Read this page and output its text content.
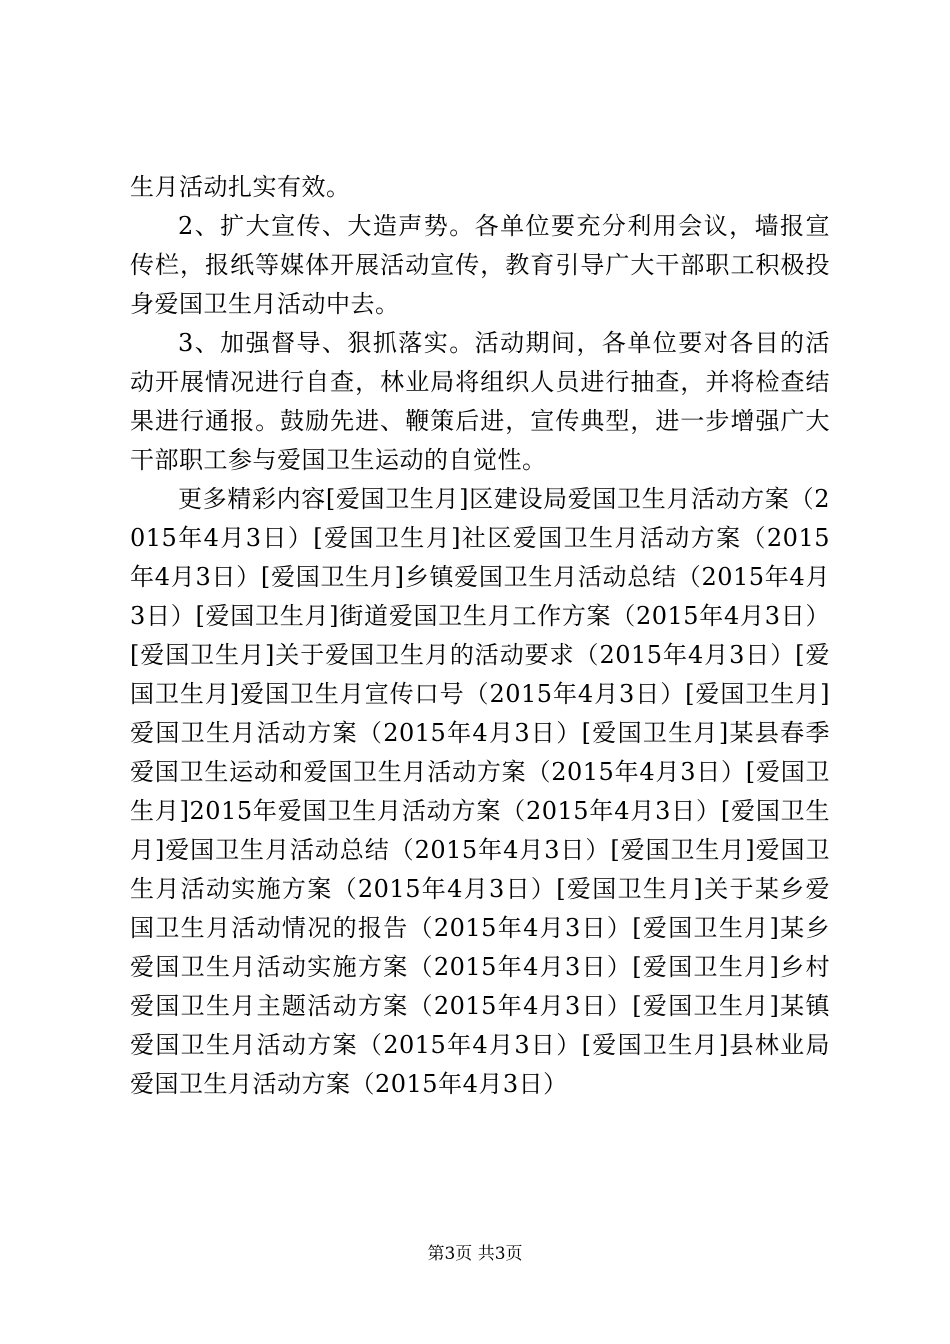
生月活动扎实有效。

2、扩大宣传、大造声势。各单位要充分利用会议，墙报宣传栏，报纸等媒体开展活动宣传，教育引导广大干部职工积极投身爱国卫生月活动中去。

3、加强督导、狠抓落实。活动期间，各单位要对各目的活动开展情况进行自查，林业局将组织人员进行抽查，并将检查结果进行通报。鼓励先进、鞭策后进，宣传典型，进一步增强广大干部职工参与爱国卫生运动的自觉性。

更多精彩内容[爱国卫生月]区建设局爱国卫生月活动方案（2015年4月3日）[爱国卫生月]社区爱国卫生月活动方案（2015年4月3日）[爱国卫生月]乡镇爱国卫生月活动总结（2015年4月3日）[爱国卫生月]街道爱国卫生月工作方案（2015年4月3日）[爱国卫生月]关于爱国卫生月的活动要求（2015年4月3日）[爱国卫生月]爱国卫生月宣传口号（2015年4月3日）[爱国卫生月]爱国卫生月活动方案（2015年4月3日）[爱国卫生月]某县春季爱国卫生运动和爱国卫生月活动方案（2015年4月3日）[爱国卫生月]2015年爱国卫生月活动方案（2015年4月3日）[爱国卫生月]爱国卫生月活动总结（2015年4月3日）[爱国卫生月]爱国卫生月活动实施方案（2015年4月3日）[爱国卫生月]关于某乡爱国卫生月活动情况的报告（2015年4月3日）[爱国卫生月]某乡爱国卫生月活动实施方案（2015年4月3日）[爱国卫生月]乡村爱国卫生月主题活动方案（2015年4月3日）[爱国卫生月]某镇爱国卫生月活动方案（2015年4月3日）[爱国卫生月]县林业局爱国卫生月活动方案（2015年4月3日）

第3页 共3页
